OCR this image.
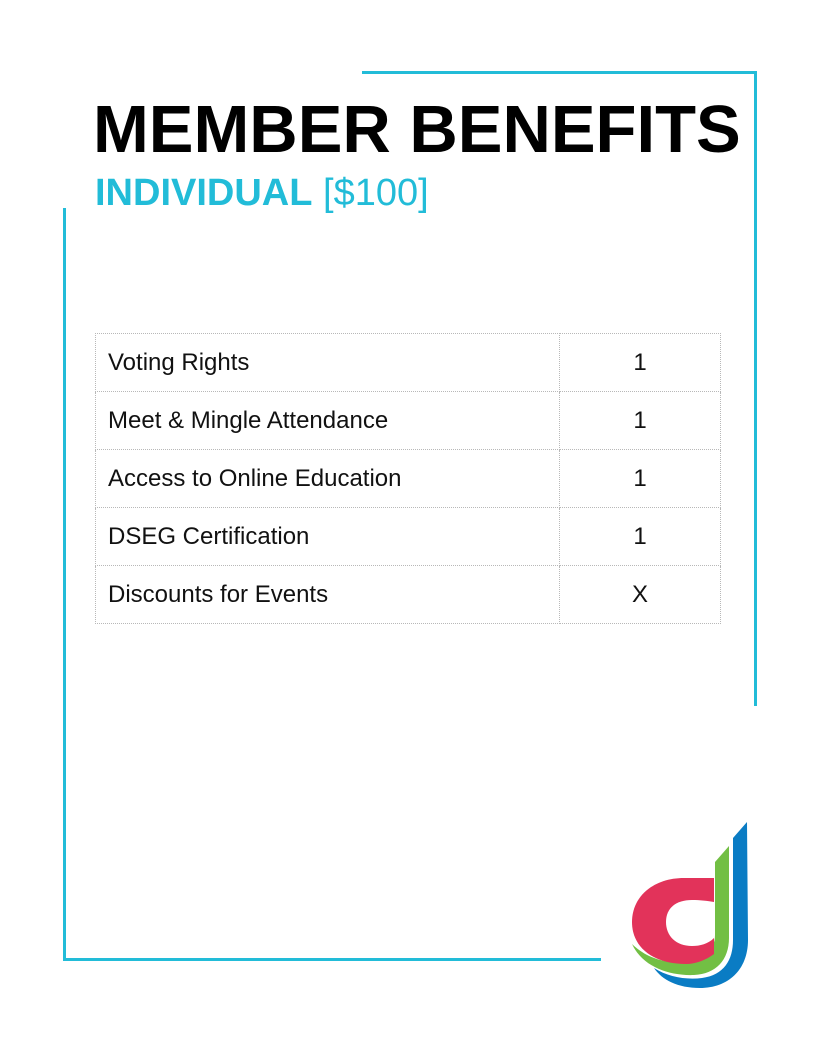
MEMBER BENEFITS
INDIVIDUAL [$100]
Voting Rights	1
Meet & Mingle Attendance	1
Access to Online Education	1
DSEG Certification	1
Discounts for Events	X
